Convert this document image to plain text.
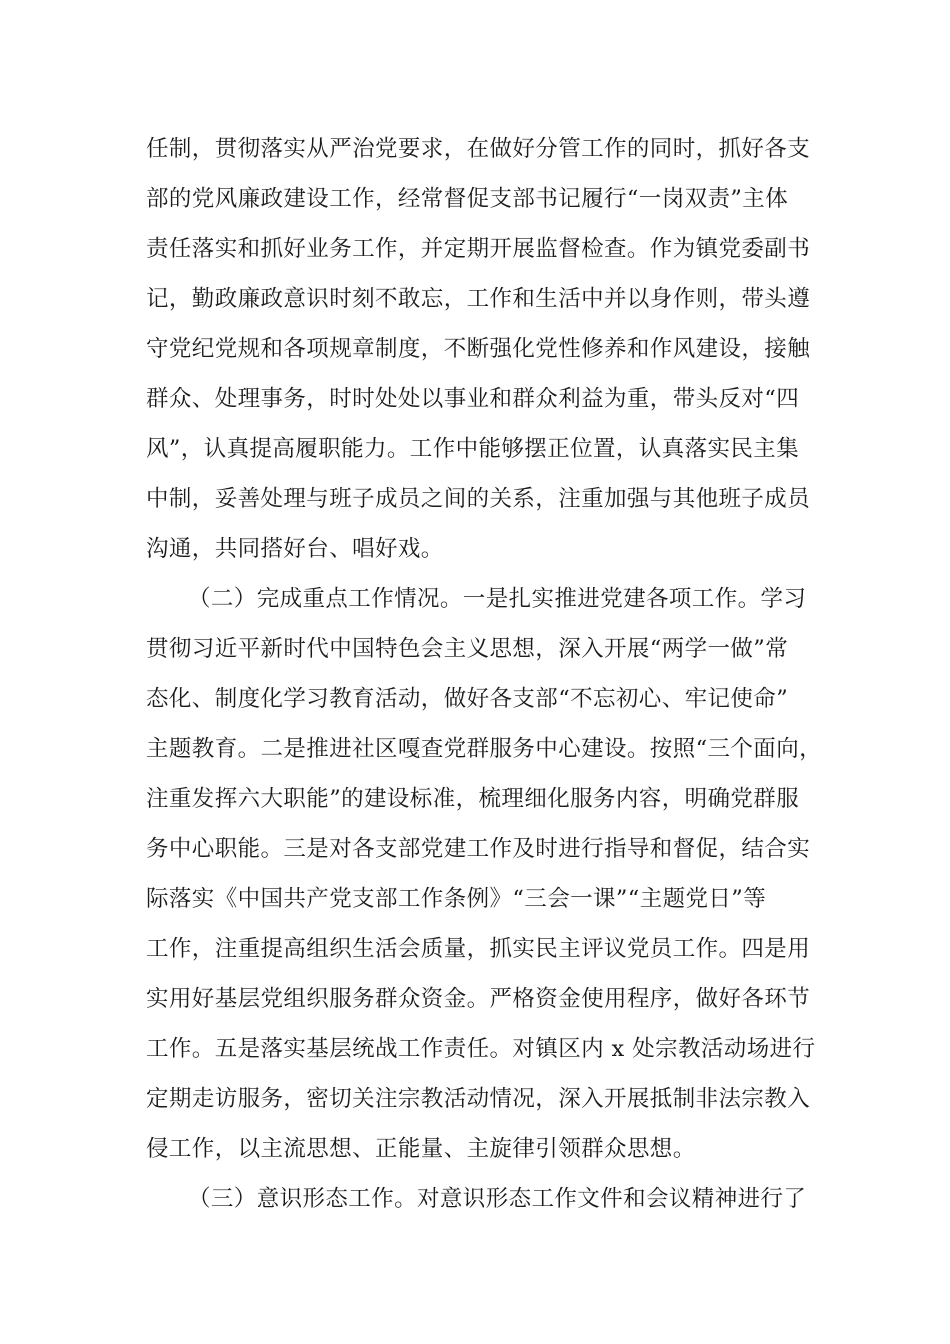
任制，贯彻落实从严治党要求，在做好分管工作的同时，抓好各支
部的党风廉政建设工作，经常督促支部书记履行“一岗双责”主体
责任落实和抓好业务工作，并定期开展监督检查。作为镇党委副书
记，勤政廉政意识时刻不敢忘，工作和生活中并以身作则，带头遵
守党纪党规和各项规章制度，不断强化党性修养和作风建设，接触
群众、处理事务，时时处处以事业和群众利益为重，带头反对“四
风”，认真提高履职能力。工作中能够摆正位置，认真落实民主集
中制，妥善处理与班子成员之间的关系，注重加强与其他班子成员
沟通，共同搭好台、唱好戏。
（二）完成重点工作情况。一是扎实推进党建各项工作。学习
贯彻习近平新时代中国特色会主义思想，深入开展“两学一做”常
态化、制度化学习教育活动，做好各支部“不忘初心、牢记使命”
主题教育。二是推进社区嘎查党群服务中心建设。按照“三个面向，
注重发挥六大职能”的建设标准，梳理细化服务内容，明确党群服
务中心职能。三是对各支部党建工作及时进行指导和督促，结合实
际落实《中国共产党支部工作条例》“三会一课”“主题党日”等
工作，注重提高组织生活会质量，抓实民主评议党员工作。四是用
实用好基层党组织服务群众资金。严格资金使用程序，做好各环节
工作。五是落实基层统战工作责任。对镇区内 x 处宗教活动场进行
定期走访服务，密切关注宗教活动情况，深入开展抵制非法宗教入
侵工作，以主流思想、正能量、主旋律引领群众思想。
（三）意识形态工作。对意识形态工作文件和会议精神进行了
